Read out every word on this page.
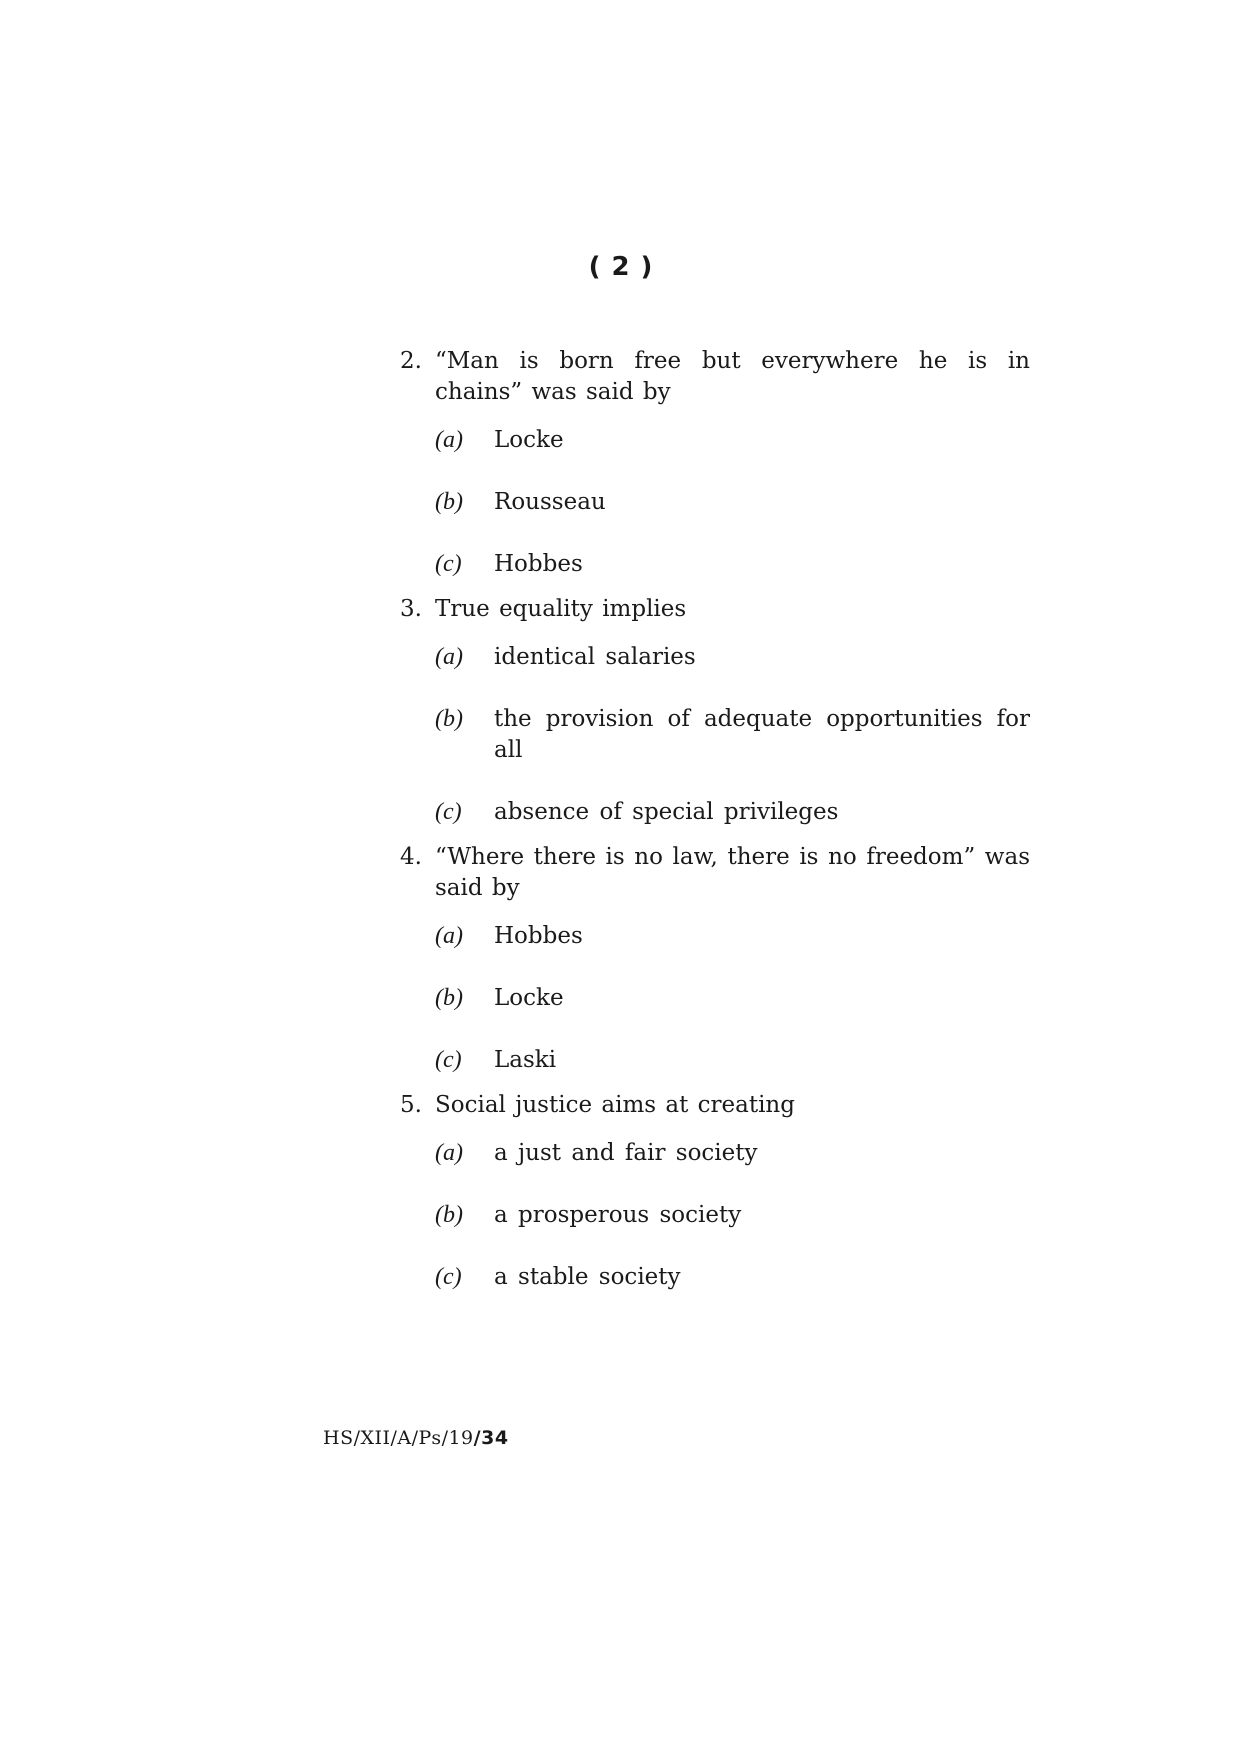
( 2 )
2. “Man is born free but everywhere he is in chains” was said by
(a)	Locke
(b)	Rousseau
(c)	Hobbes
3. True equality implies
(a)	identical salaries
(b)	the provision of adequate opportunities for all
(c)	absence of special privileges
4. “Where there is no law, there is no freedom” was said by
(a)	Hobbes
(b)	Locke
(c)	Laski
5. Social justice aims at creating
(a)	a just and fair society
(b)	a prosperous society
(c)	a stable society
HS/XII/A/Ps/19/34
